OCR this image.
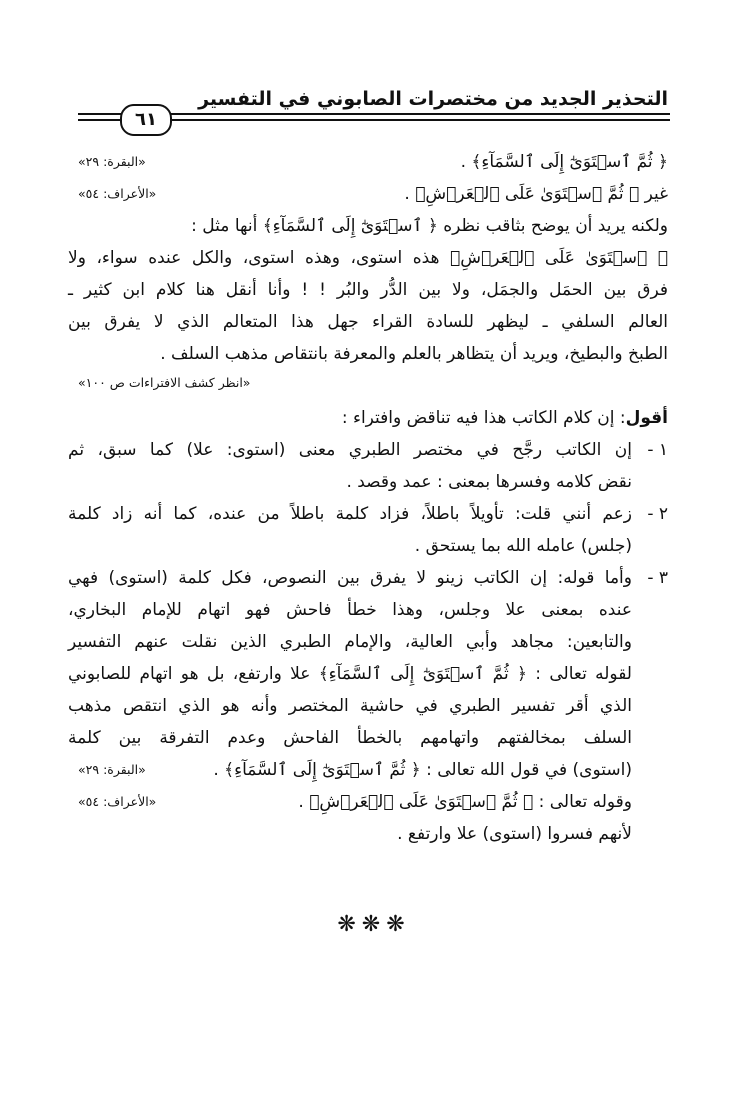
التحذير الجديد من مختصرات الصابوني في التفسير
٦١
﴿ ثُمَّ ٱسۡتَوَىٰٓ إِلَى ٱلسَّمَآءِ﴾ .
«البقرة: ٢٩»
غير ﴿ ثُمَّ ٱسۡتَوَىٰ عَلَى ٱلۡعَرۡشِ﴾ .
«الأعراف: ٥٤»
ولكنه يريد أن يوضح بثاقب نظره ﴿ ٱسۡتَوَىٰٓ إِلَى ٱلسَّمَآءِ﴾ أنها مثل :
﴿ ٱسۡتَوَىٰ عَلَى ٱلۡعَرۡشِ﴾ هذه استوى، وهذه استوى، والكل عنده سواء، ولا
فرق بين الحمَل والجمَل، ولا بين الدُّر والبُر ! ! وأنا أنقل هنا كلام ابن كثير ـ
العالم السلفي ـ ليظهر للسادة القراء جهل هذا المتعالم الذي لا يفرق بين
الطبخ والبطيخ، ويريد أن يتظاهر بالعلم والمعرفة بانتقاص مذهب السلف .
«انظر كشف الافتراءات ص ١٠٠»
أقول: إن كلام الكاتب هذا فيه تناقض وافتراء :
١ -
إن الكاتب رجَّح في مختصر الطبري معنى (استوى: علا) كما سبق، ثم
نقض كلامه وفسرها بمعنى : عمد وقصد .
٢ -
زعم أنني قلت: تأويلاً باطلاً، فزاد كلمة باطلاً من عنده، كما أنه زاد كلمة
(جلس) عامله الله بما يستحق .
٣ -
وأما قوله: إن الكاتب زينو لا يفرق بين النصوص، فكل كلمة (استوى) فهي
عنده بمعنى علا وجلس، وهذا خطأ فاحش فهو اتهام للإمام البخاري،
والتابعين: مجاهد وأبي العالية، والإمام الطبري الذين نقلت عنهم التفسير
لقوله تعالى : ﴿ ثُمَّ ٱسۡتَوَىٰٓ إِلَى ٱلسَّمَآءِ﴾ علا وارتفع، بل هو اتهام للصابوني
الذي أقر تفسير الطبري في حاشية المختصر وأنه هو الذي انتقص مذهب
السلف بمخالفتهم واتهامهم بالخطأ الفاحش وعدم التفرقة بين كلمة
(استوى) في قول الله تعالى : ﴿ ثُمَّ ٱسۡتَوَىٰٓ إِلَى ٱلسَّمَآءِ﴾ .
«البقرة: ٢٩»
وقوله تعالى : ﴿ ثُمَّ ٱسۡتَوَىٰ عَلَى ٱلۡعَرۡشِ﴾ .
«الأعراف: ٥٤»
لأنهم فسروا (استوى) علا وارتفع .
❋❋❋
